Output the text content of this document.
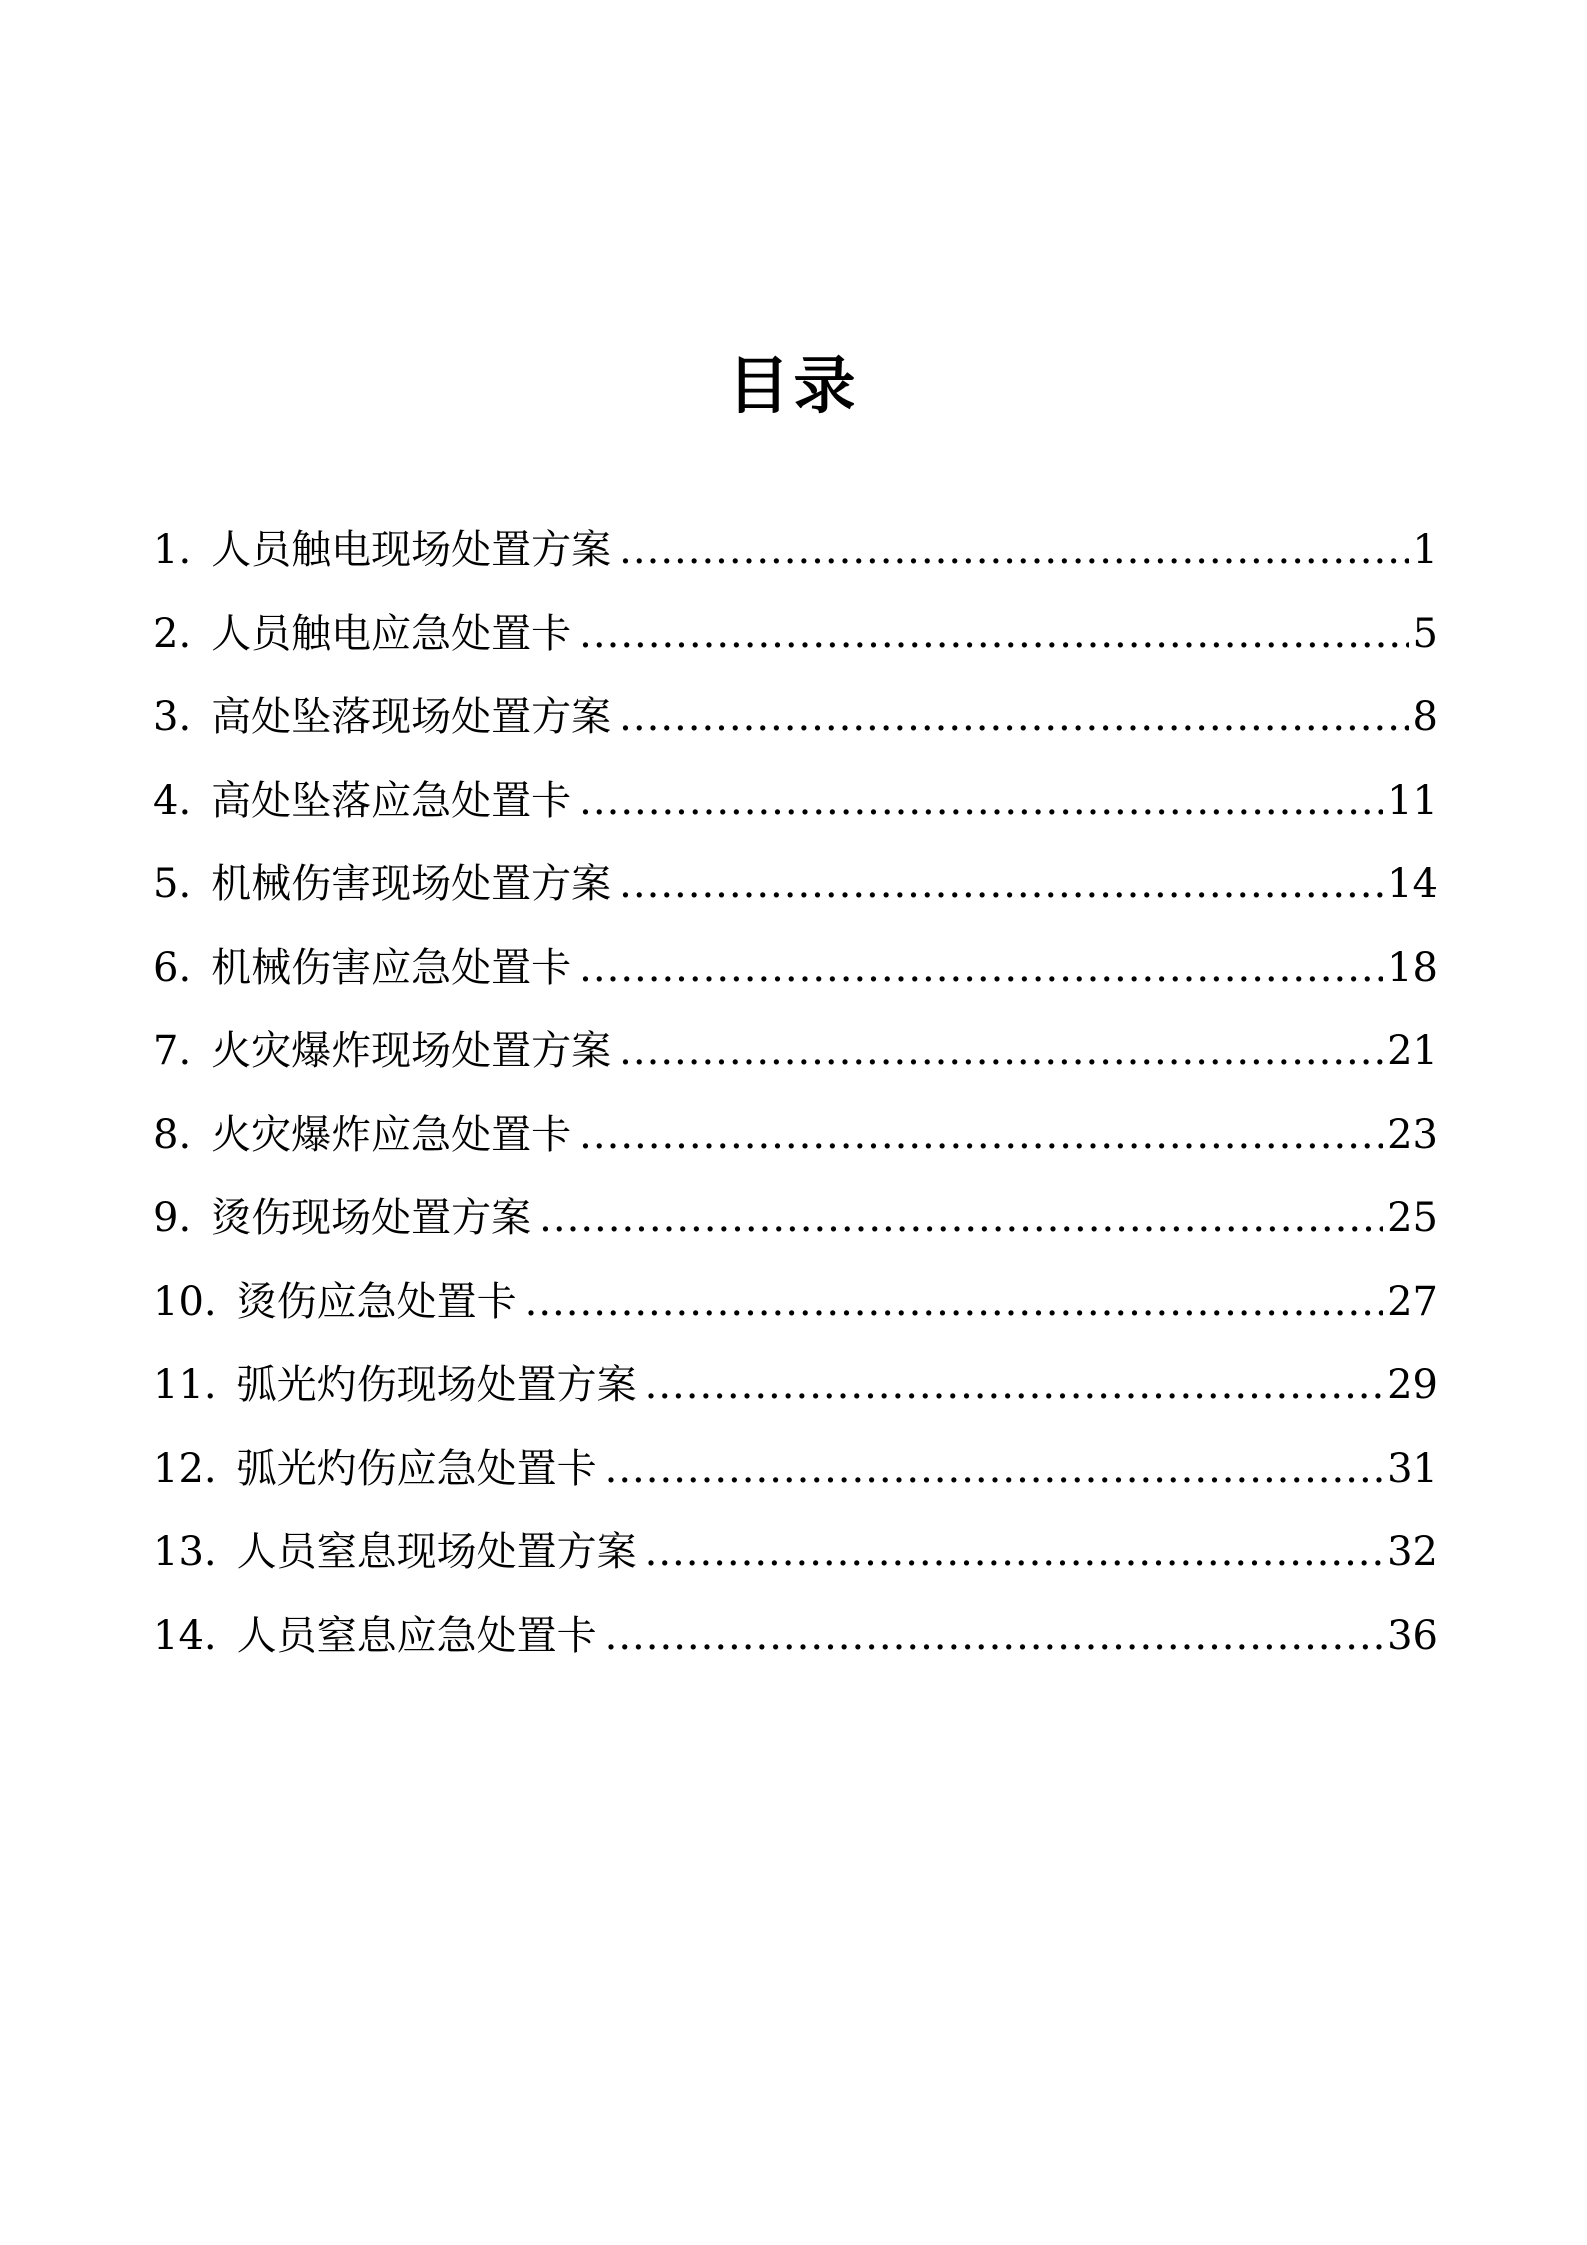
目录
1. 人员触电现场处置方案 .....	1
2. 人员触电应急处置卡 .....	5
3. 高处坠落现场处置方案 .....	8
4. 高处坠落应急处置卡 .....	11
5. 机械伤害现场处置方案 .....	14
6. 机械伤害应急处置卡 .....	18
7. 火灾爆炸现场处置方案 .....	21
8. 火灾爆炸应急处置卡 .....	23
9. 烫伤现场处置方案 .....	25
10. 烫伤应急处置卡 .....	27
11. 弧光灼伤现场处置方案 .....	29
12. 弧光灼伤应急处置卡 .....	31
13. 人员窒息现场处置方案 .....	32
14. 人员窒息应急处置卡 .....	36
